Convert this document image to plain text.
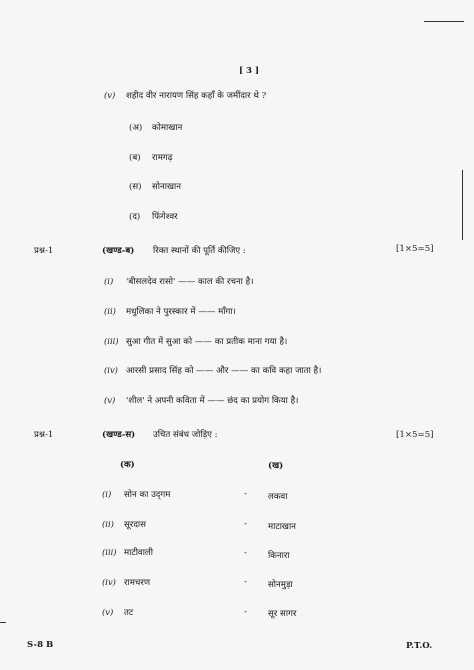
[ 3 ]
(v) शहीद वीर नारायण सिंह कहाँ के जमींदार थे ?
(अ) कोमाखान
(ब) रामगढ़
(स) सोनाखान
(द) फिंगेश्वर
प्रश्न-1	(खण्ड-ब) रिक्त स्थानों की पूर्ति कीजिए :	[1×5=5]
(i) 'बीसलदेव रासो' —— काल की रचना है।
(ii) मधुलिका ने पुरस्कार में —— माँगा।
(iii) सुआ गीत में सुआ को —— का प्रतीक माना गया है।
(iv) आरसी प्रसाद सिंह को —— और —— का कवि कहा जाता है।
(v) 'शील' ने अपनी कविता में —— छंद का प्रयोग किया है।
प्रश्न-1	(खण्ड-स) उचित संबंध जोड़िए :	[1×5=5]
(क)	(ख)
(i) सोन का उद्‌गम	- लकवा
(ii) सूरदास	- माटाखान
(iii) माटीवाली	- किनारा
(iv) रामचरण	- सोनमुड़ा
(v) तट	- सूर सागर
S-8 B	P.T.O.
